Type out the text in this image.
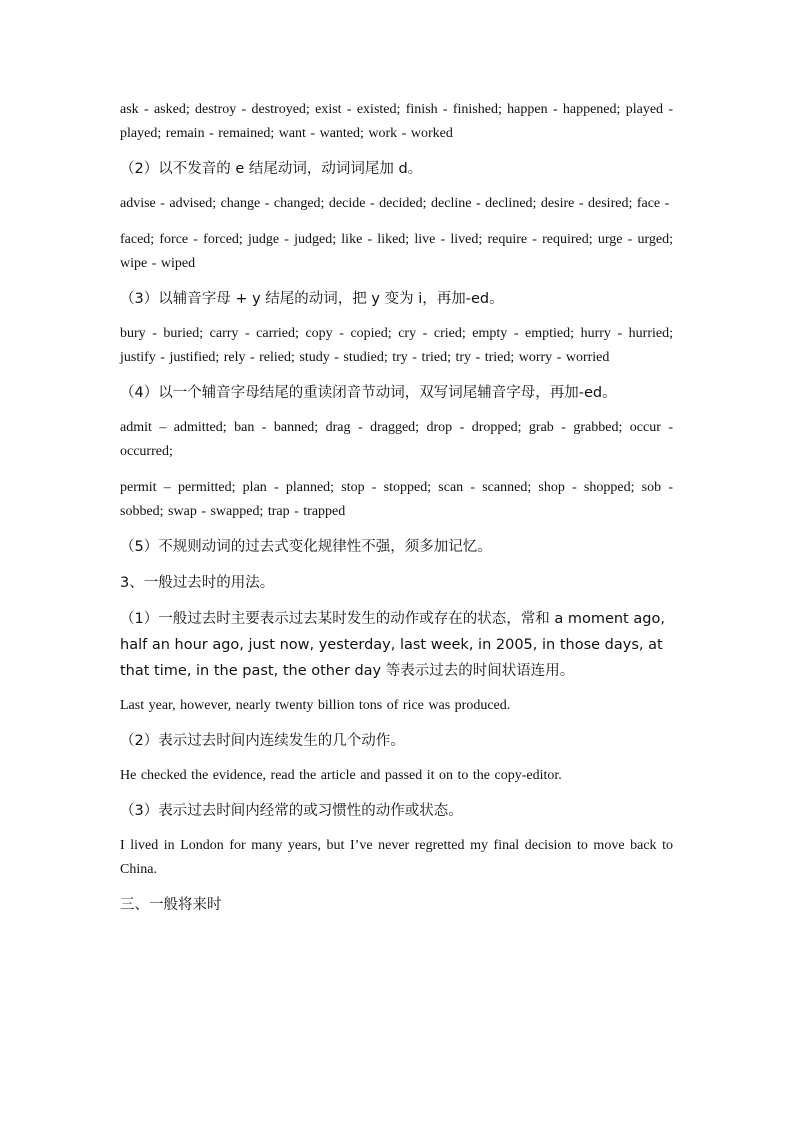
ask - asked; destroy - destroyed; exist - existed; finish - finished; happen - happened; played - played; remain - remained; want - wanted; work - worked

（2）以不发音的 e 结尾动词，动词词尾加 d。

advise - advised; change - changed; decide - decided; decline - declined; desire - desired; face -

faced; force - forced; judge - judged; like - liked; live - lived; require - required; urge - urged; wipe - wiped

（3）以辅音字母 + y 结尾的动词，把 y 变为 i，再加-ed。

bury - buried; carry - carried; copy - copied; cry - cried; empty - emptied; hurry - hurried; justify - justified; rely - relied; study - studied; try - tried; try - tried; worry - worried

（4）以一个辅音字母结尾的重读闭音节动词，双写词尾辅音字母，再加-ed。

admit – admitted; ban - banned; drag - dragged; drop - dropped; grab - grabbed; occur - occurred;

permit – permitted; plan - planned; stop - stopped; scan - scanned; shop - shopped; sob - sobbed; swap - swapped; trap - trapped

（5）不规则动词的过去式变化规律性不强，须多加记忆。

3、一般过去时的用法。

（1）一般过去时主要表示过去某时发生的动作或存在的状态，常和 a moment ago, half an hour ago, just now, yesterday, last week, in 2005, in those days, at that time, in the past, the other day 等表示过去的时间状语连用。

Last year, however, nearly twenty billion tons of rice was produced.

（2）表示过去时间内连续发生的几个动作。

He checked the evidence, read the article and passed it on to the copy-editor.

（3）表示过去时间内经常的或习惯性的动作或状态。

I lived in London for many years, but I’ve never regretted my final decision to move back to China.

三、一般将来时
